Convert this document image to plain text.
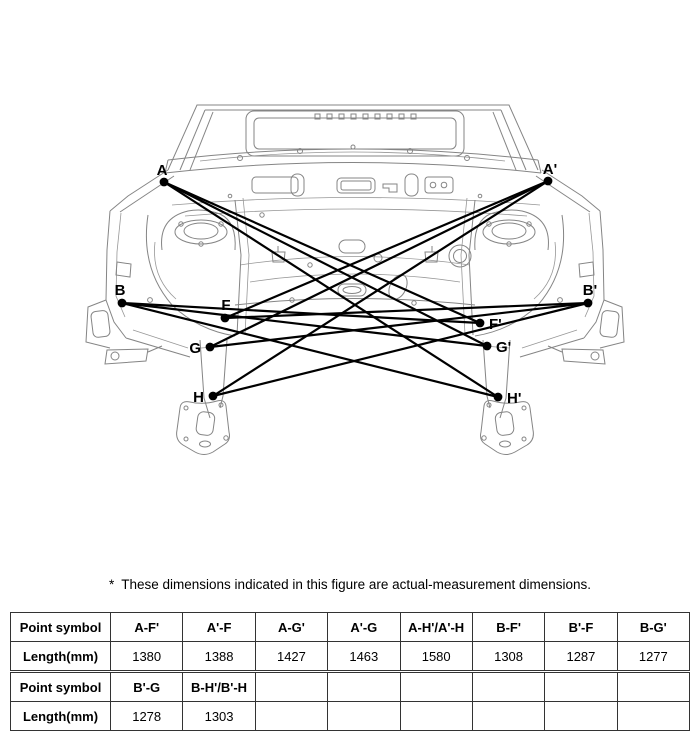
A	A'
B	B'
F
F'
G	G'
H	H'

* These dimensions indicated in this figure are actual-measurement dimensions.

Point symbol	A-F'	A'-F	A-G'	A'-G	A-H'/A'-H	B-F'	B'-F	B-G'
Length(mm)	1380	1388	1427	1463	1580	1308	1287	1277
Point symbol	B'-G	B-H'/B'-H						
Length(mm)	1278	1303						
